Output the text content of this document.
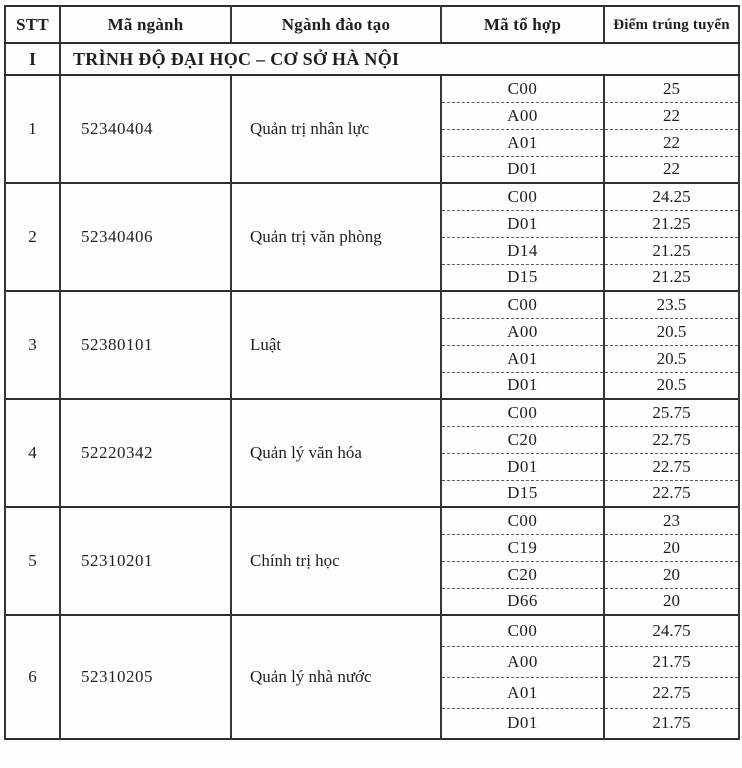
STT	Mã ngành	Ngành đào tạo	Mã tổ hợp	Điểm trúng tuyển
I	TRÌNH ĐỘ ĐẠI HỌC – CƠ SỞ HÀ NỘI			
1	52340404	Quản trị nhân lực	C00	25
			A00	22
			A01	22
			D01	22
2	52340406	Quản trị văn phòng	C00	24.25
			D01	21.25
			D14	21.25
			D15	21.25
3	52380101	Luật	C00	23.5
			A00	20.5
			A01	20.5
			D01	20.5
4	52220342	Quản lý văn hóa	C00	25.75
			C20	22.75
			D01	22.75
			D15	22.75
5	52310201	Chính trị học	C00	23
			C19	20
			C20	20
			D66	20
6	52310205	Quản lý nhà nước	C00	24.75
			A00	21.75
			A01	22.75
			D01	21.75
